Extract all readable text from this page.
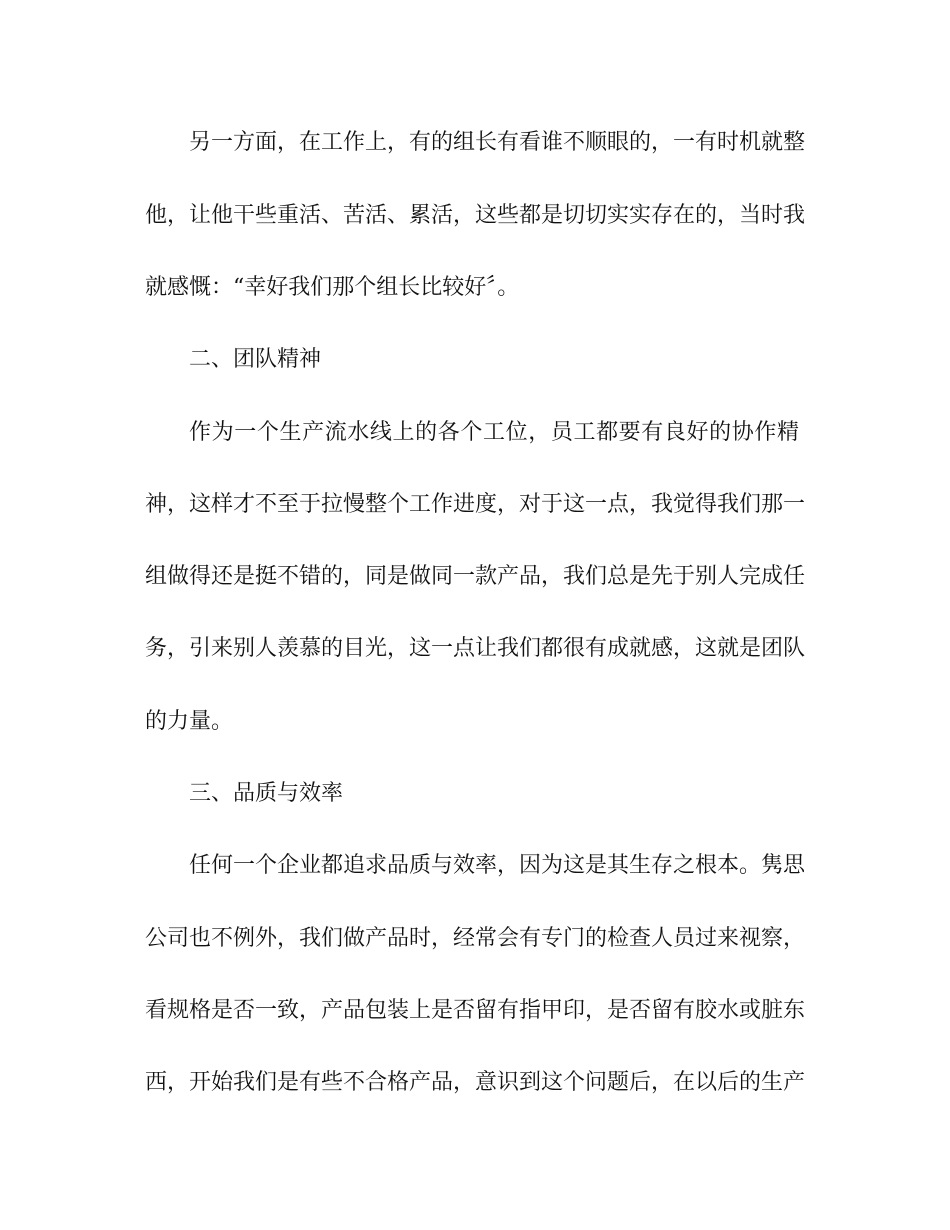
另一方面，在工作上，有的组长有看谁不顺眼的，一有时机就整
他，让他干些重活、苦活、累活，这些都是切切实实存在的，当时我
就感慨：“幸好我们那个组长比较好〞。
二、团队精神
作为一个生产流水线上的各个工位，员工都要有良好的协作精
神，这样才不至于拉慢整个工作进度，对于这一点，我觉得我们那一
组做得还是挺不错的，同是做同一款产品，我们总是先于别人完成任
务，引来别人羡慕的目光，这一点让我们都很有成就感，这就是团队
的力量。
三、品质与效率
任何一个企业都追求品质与效率，因为这是其生存之根本。隽思
公司也不例外，我们做产品时，经常会有专门的检查人员过来视察，
看规格是否一致，产品包装上是否留有指甲印，是否留有胶水或脏东
西，开始我们是有些不合格产品，意识到这个问题后，在以后的生产
